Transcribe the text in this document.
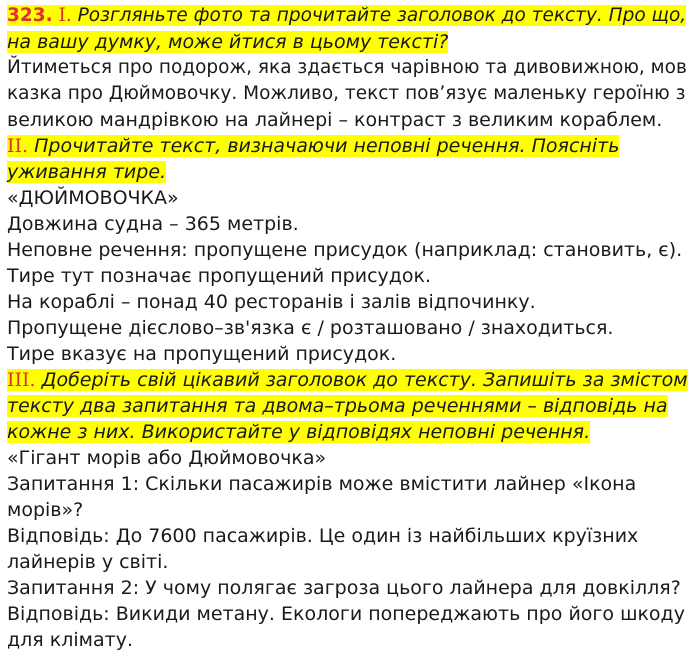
323. I. Розгляньте фото та прочитайте заголовок до тексту. Про що,
на вашу думку, може йтися в цьому тексті?
Йтиметься про подорож, яка здається чарівною та дивовижною, мов
казка про Дюймовочку. Можливо, текст пов’язує маленьку героїню з
великою мандрівкою на лайнері – контраст з великим кораблем.
II. Прочитайте текст, визначаючи неповні речення. Поясніть
уживання тире.
«ДЮЙМОВОЧКА»
Довжина судна – 365 метрів.
Неповне речення: пропущене присудок (наприклад: становить, є).
Тире тут позначає пропущений присудок.
На кораблі – понад 40 ресторанів і залів відпочинку.
Пропущене дієслово–зв'язка є / розташовано / знаходиться.
Тире вказує на пропущений присудок.
III. Доберіть свій цікавий заголовок до тексту. Запишіть за змістом
тексту два запитання та двома–трьома реченнями – відповідь на
кожне з них. Використайте у відповідях неповні речення.
«Гігант морів або Дюймовочка»
Запитання 1: Скільки пасажирів може вмістити лайнер «Ікона
морів»?
Відповідь: До 7600 пасажирів. Це один із найбільших круїзних
лайнерів у світі.
Запитання 2: У чому полягає загроза цього лайнера для довкілля?
Відповідь: Викиди метану. Екологи попереджають про його шкоду
для клімату.
